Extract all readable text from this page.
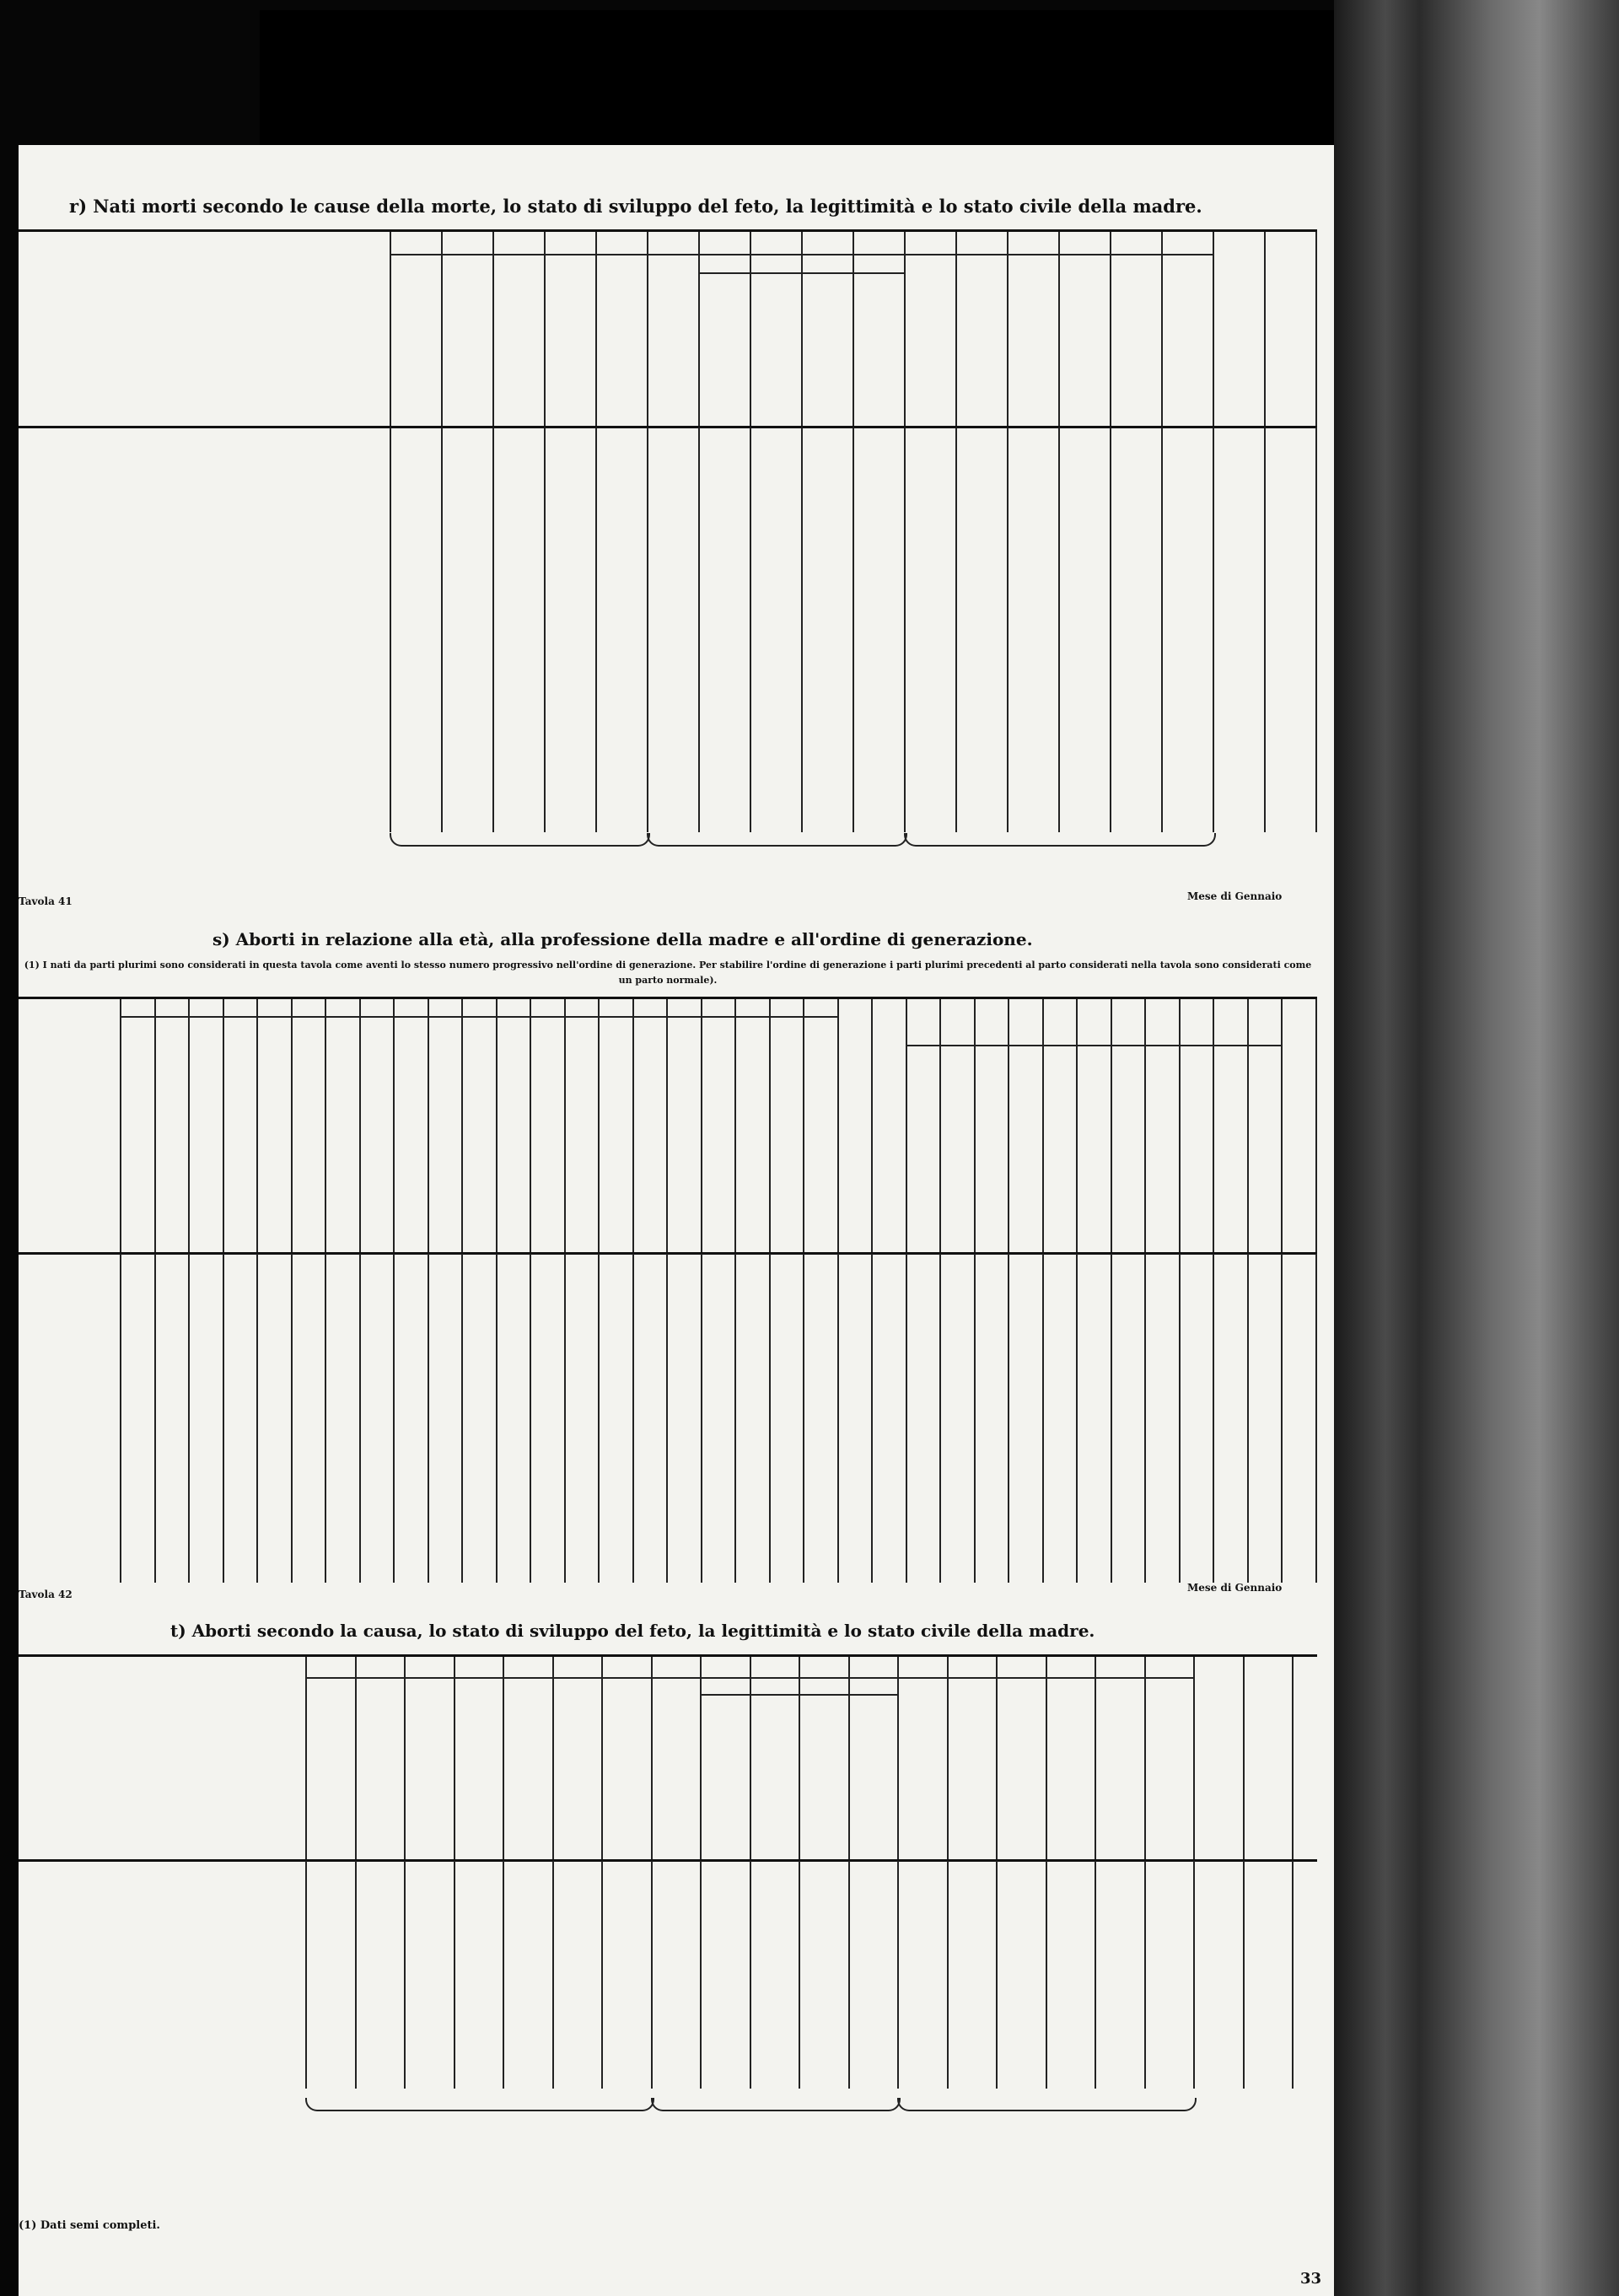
r) Nati morti secondo le cause della morte, lo stato di sviluppo del feto, la legittimità e lo stato civile della madre.
Tavola 41	Mese di Gennaio
s) Aborti in relazione alla età, alla professione della madre e all'ordine di generazione.
(1) I nati da parti plurimi sono considerati in questa tavola come aventi lo stesso numero progressivo nell'ordine di generazione. Per stabilire l'ordine di generazione i parti plurimi precedenti al parto considerati nella tavola sono considerati come un parto normale).
Tavola 42
Mese di Gennaio
t) Aborti secondo la causa, lo stato di sviluppo del feto, la legittimità e lo stato civile della madre.
(1) Dati semi completi.
33
